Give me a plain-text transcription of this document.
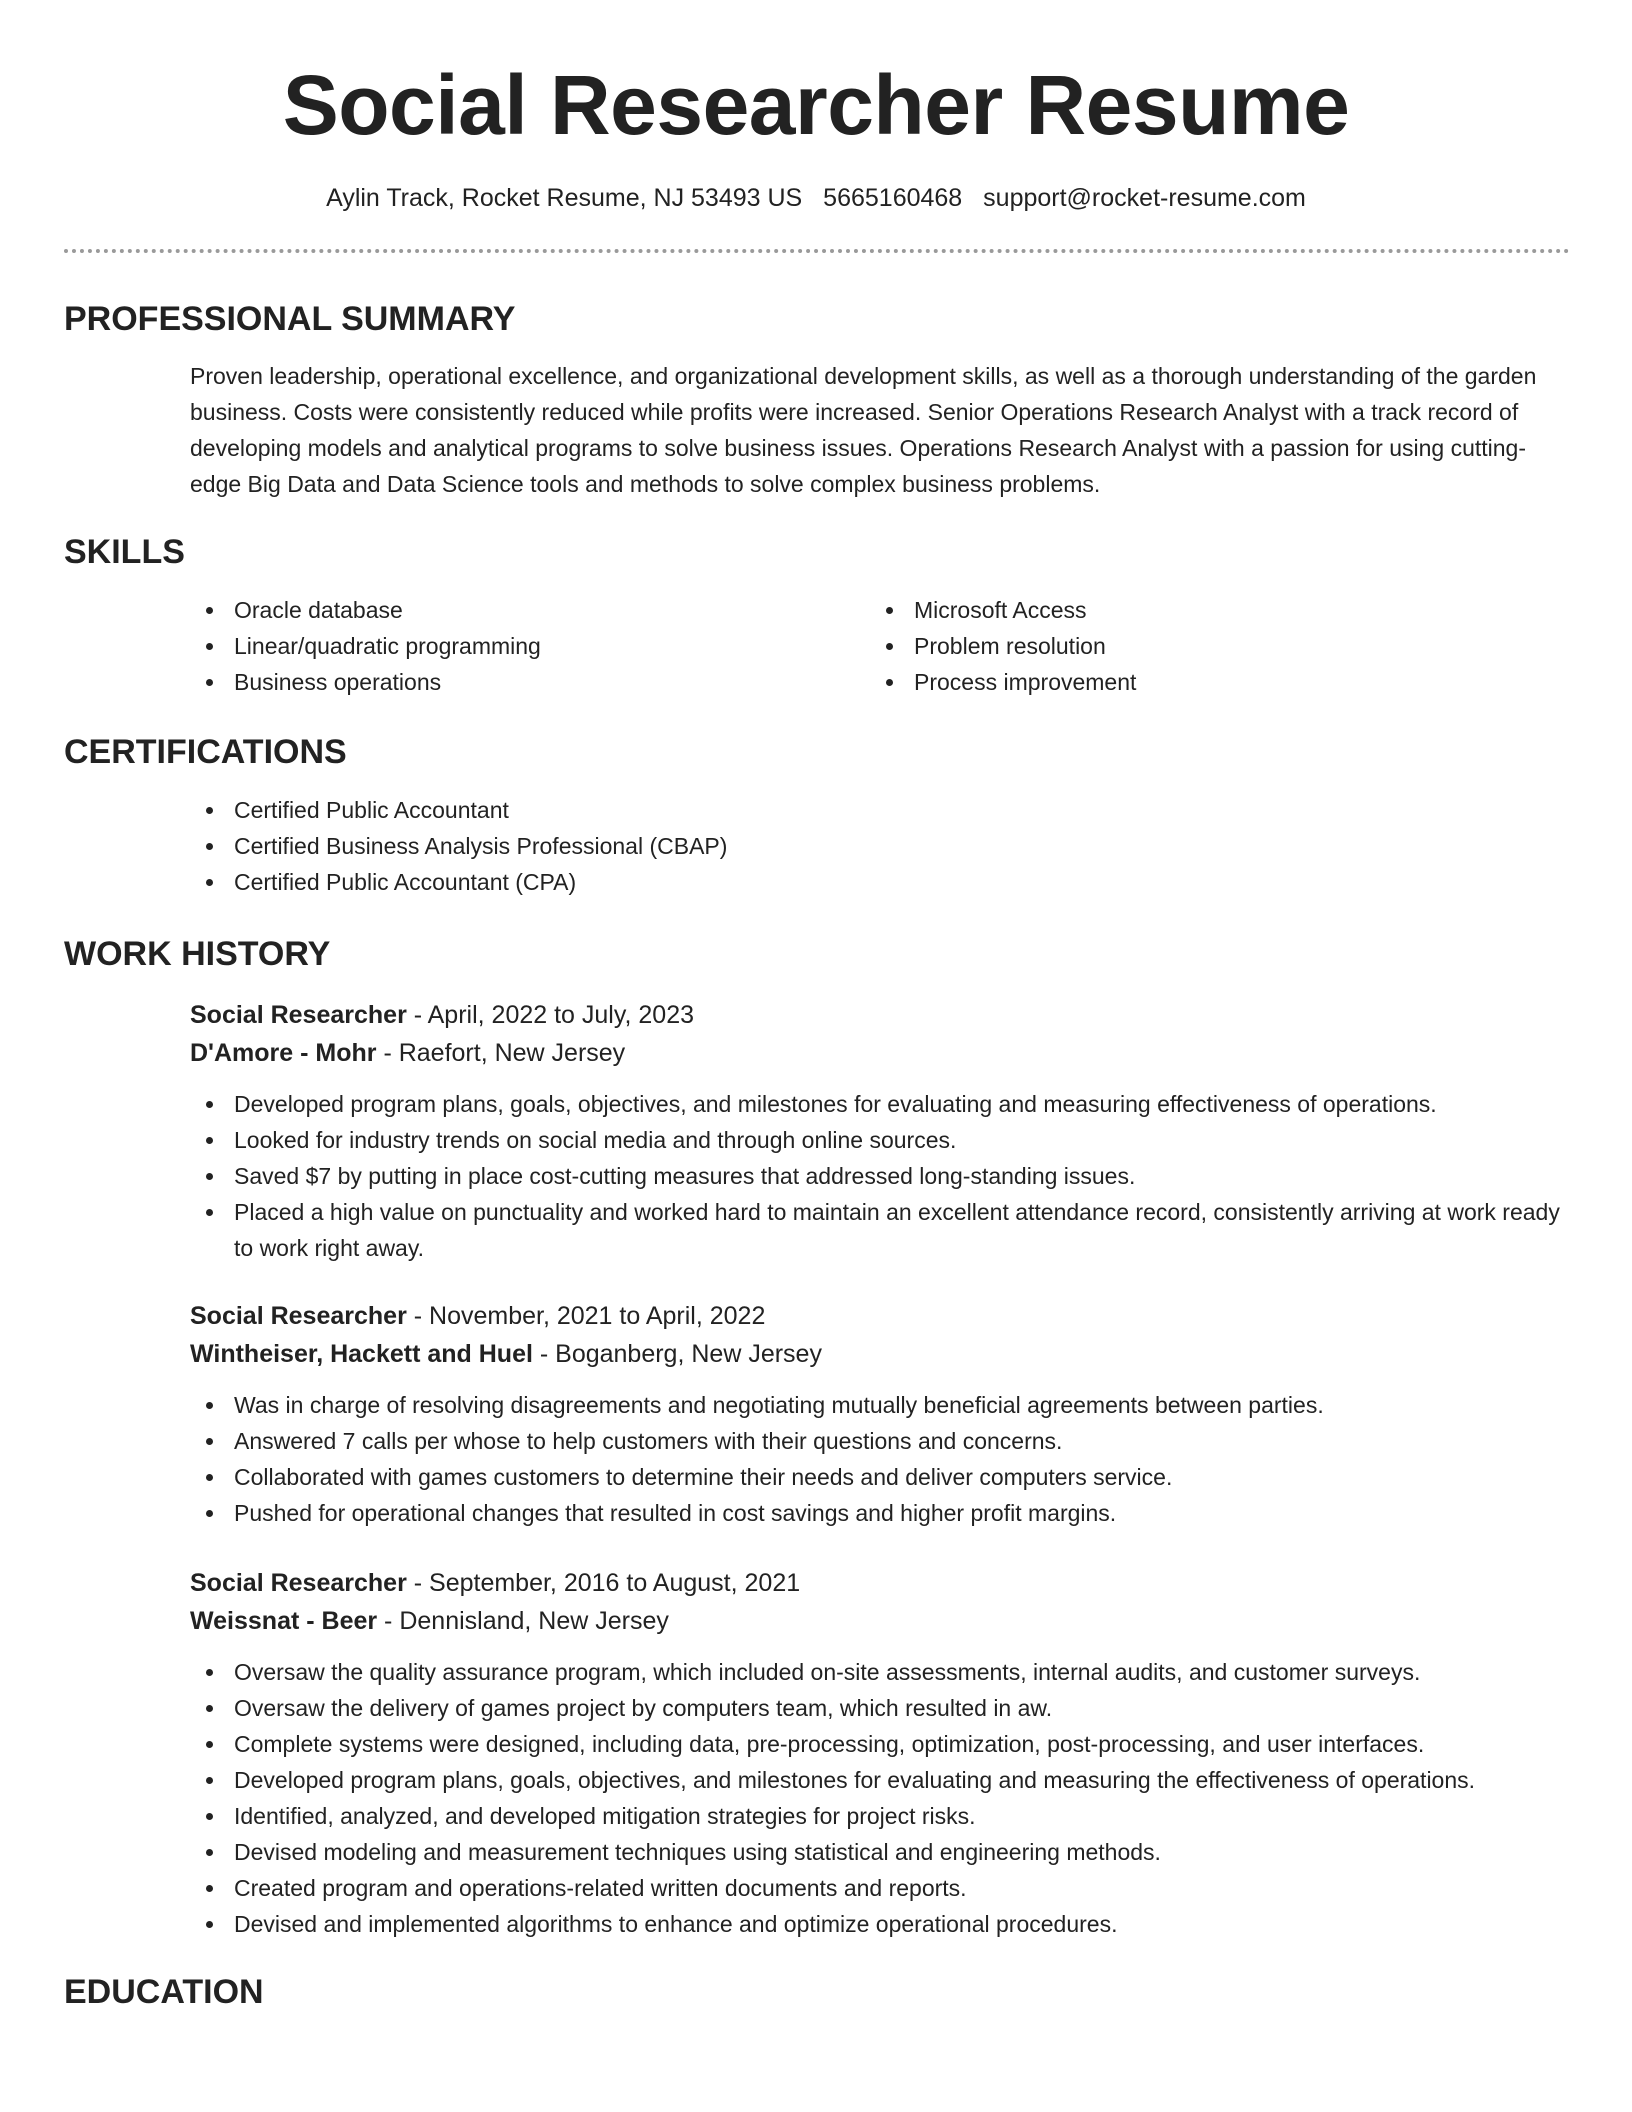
Social Researcher Resume
Aylin Track, Rocket Resume, NJ 53493 US 5665160468 support@rocket-resume.com
PROFESSIONAL SUMMARY

Proven leadership, operational excellence, and organizational development skills, as well as a thorough understanding of the garden business. Costs were consistently reduced while profits were increased. Senior Operations Research Analyst with a track record of developing models and analytical programs to solve business issues. Operations Research Analyst with a passion for using cutting-edge Big Data and Data Science tools and methods to solve complex business problems.

SKILLS
Oracle database
Linear/quadratic programming
Business operations
Microsoft Access
Problem resolution
Process improvement
CERTIFICATIONS
Certified Public Accountant
Certified Business Analysis Professional (CBAP)
Certified Public Accountant (CPA)
WORK HISTORY
Social Researcher - April, 2022 to July, 2023
D'Amore - Mohr - Raefort, New Jersey
Developed program plans, goals, objectives, and milestones for evaluating and measuring effectiveness of operations.
Looked for industry trends on social media and through online sources.
Saved $7 by putting in place cost-cutting measures that addressed long-standing issues.
Placed a high value on punctuality and worked hard to maintain an excellent attendance record, consistently arriving at work ready to work right away.
Social Researcher - November, 2021 to April, 2022
Wintheiser, Hackett and Huel - Boganberg, New Jersey
Was in charge of resolving disagreements and negotiating mutually beneficial agreements between parties.
Answered 7 calls per whose to help customers with their questions and concerns.
Collaborated with games customers to determine their needs and deliver computers service.
Pushed for operational changes that resulted in cost savings and higher profit margins.
Social Researcher - September, 2016 to August, 2021
Weissnat - Beer - Dennisland, New Jersey
Oversaw the quality assurance program, which included on-site assessments, internal audits, and customer surveys.
Oversaw the delivery of games project by computers team, which resulted in aw.
Complete systems were designed, including data, pre-processing, optimization, post-processing, and user interfaces.
Developed program plans, goals, objectives, and milestones for evaluating and measuring the effectiveness of operations.
Identified, analyzed, and developed mitigation strategies for project risks.
Devised modeling and measurement techniques using statistical and engineering methods.
Created program and operations-related written documents and reports.
Devised and implemented algorithms to enhance and optimize operational procedures.
EDUCATION
